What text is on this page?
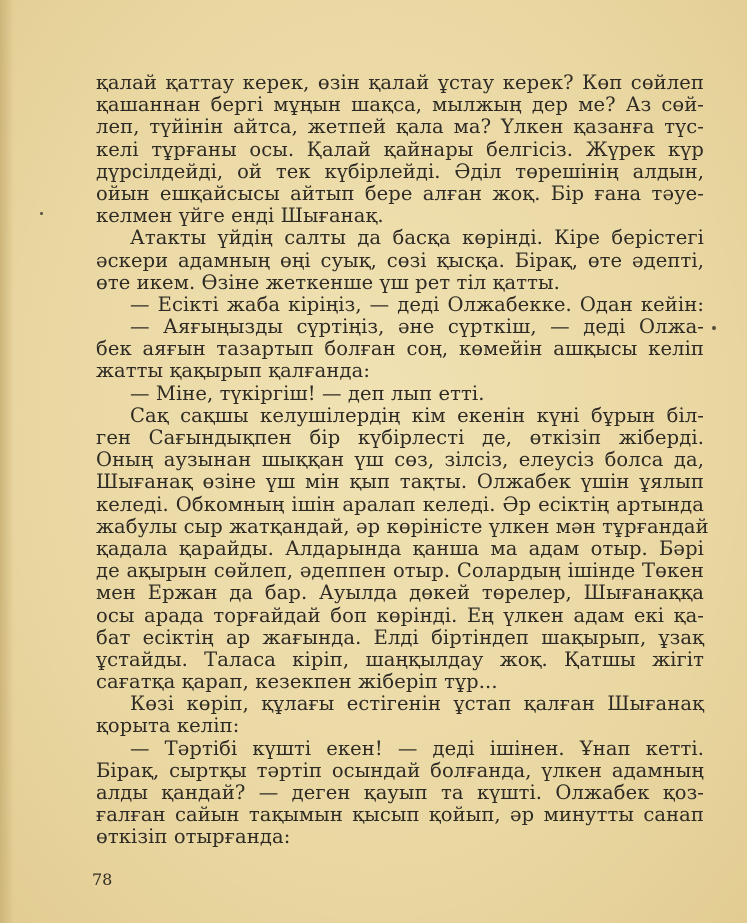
қалай қаттау керек, өзін қалай ұстау керек? Көп сөйлеп
қашаннан бергі мұңын шақса, мылжың дер ме? Аз сөй-
леп, түйінін айтса, жетпей қала ма? Үлкен қазанға түс-
келі тұрғаны осы. Қалай қайнары белгісіз. Жүрек күр
дүрсілдейді, ой тек күбірлейді. Әділ төрешінің алдын,
ойын ешқайсысы айтып бере алған жоқ. Бір ғана тәуе-
келмен үйге енді Шығанақ.
Атакты үйдің салты да басқа көрінді. Кіре берістегі
әскери адамның өңі суық, сөзі қысқа. Бірақ, өте әдепті,
өте икем. Өзіне жеткенше үш рет тіл қатты.
— Есікті жаба кіріңіз, — деді Олжабекке. Одан кейін:
— Аяғыңызды сүртіңіз, әне сүрткіш, — деді Олжа-
бек аяғын тазартып болған соң, көмейін ашқысы келіп
жатты қақырып қалғанда:
— Міне, түкіргіш! — деп лып етті.
Сақ сақшы келушілердің кім екенін күні бұрын біл-
ген Сағындықпен бір күбірлесті де, өткізіп жіберді.
Оның аузынан шыққан үш сөз, зілсіз, елеусіз болса да,
Шығанақ өзіне үш мін қып тақты. Олжабек үшін ұялып
келеді. Обкомның ішін аралап келеді. Әр есіктің артында
жабулы сыр жатқандай, әр көріністе үлкен мән тұрғандай
қадала қарайды. Алдарында қанша ма адам отыр. Бәрі
де ақырын сөйлеп, әдеппен отыр. Солардың ішінде Төкен
мен Ержан да бар. Ауылда дөкей төрелер, Шығанаққа
осы арада торғайдай боп көрінді. Ең үлкен адам екі қа-
бат есіктің ар жағында. Елді біртіндеп шақырып, ұзақ
ұстайды. Таласа кіріп, шаңқылдау жоқ. Қатшы жігіт
сағатқа қарап, кезекпен жіберіп тұр...
Көзі көріп, құлағы естігенін ұстап қалған Шығанақ
қорыта келіп:
— Тәртібі күшті екен! — деді ішінен. Ұнап кетті.
Бірақ, сыртқы тәртіп осындай болғанда, үлкен адамның
алды қандай? — деген қауып та күшті. Олжабек қоз-
ғалған сайын тақымын қысып қойып, әр минутты санап
өткізіп отырғанда:
78
